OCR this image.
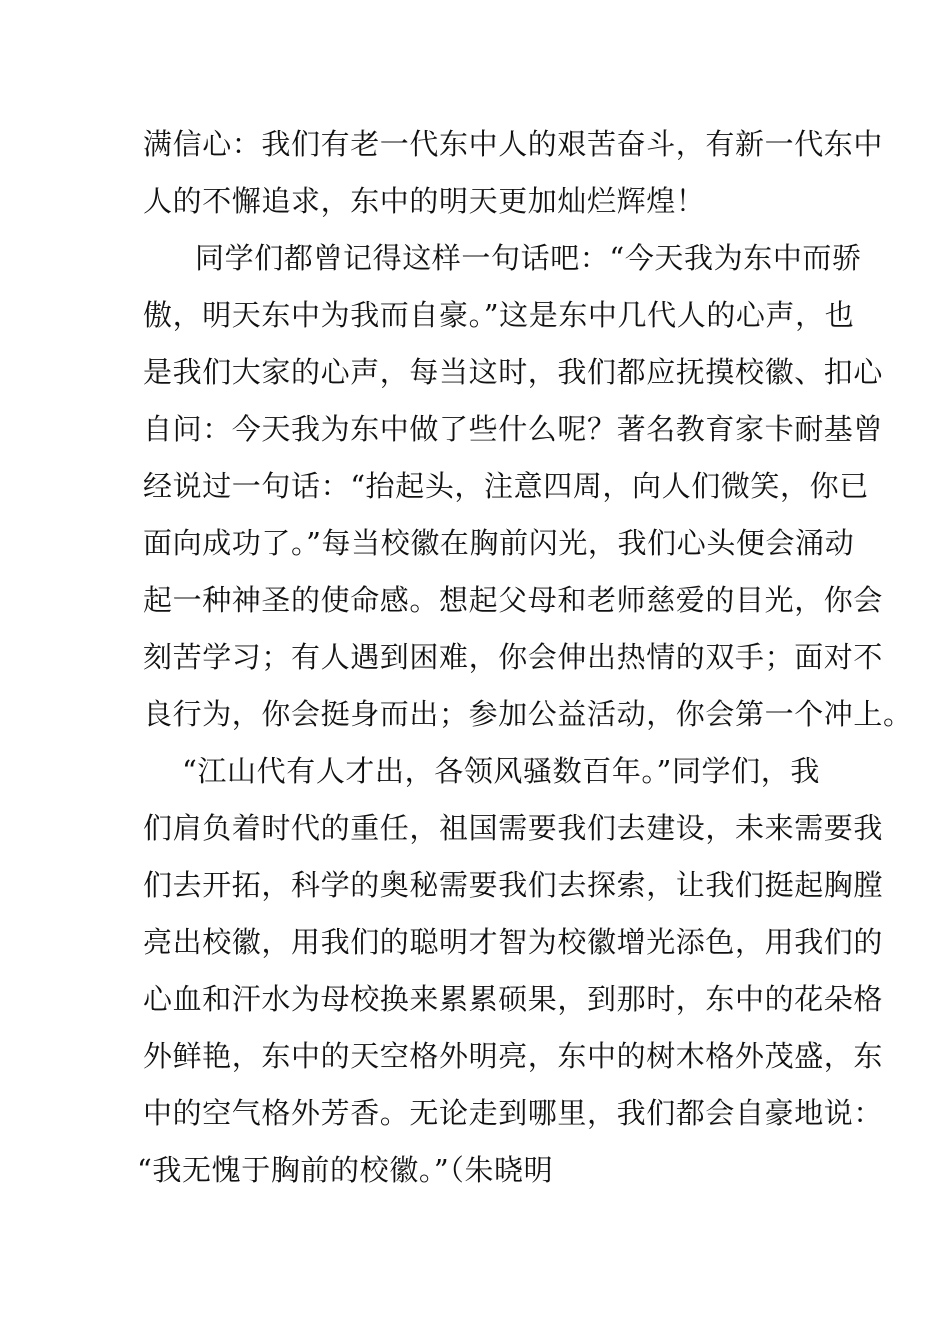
满信心：我们有老一代东中人的艰苦奋斗，有新一代东中
人的不懈追求，东中的明天更加灿烂辉煌！
同学们都曾记得这样一句话吧：“今天我为东中而骄
傲，明天东中为我而自豪。”这是东中几代人的心声，也
是我们大家的心声，每当这时，我们都应抚摸校徽、扣心
自问：今天我为东中做了些什么呢？著名教育家卡耐基曾
经说过一句话：“抬起头，注意四周，向人们微笑，你已
面向成功了。”每当校徽在胸前闪光，我们心头便会涌动
起一种神圣的使命感。想起父母和老师慈爱的目光，你会
刻苦学习；有人遇到困难，你会伸出热情的双手；面对不
良行为，你会挺身而出；参加公益活动，你会第一个冲上。
“江山代有人才出，各领风骚数百年。”同学们，我
们肩负着时代的重任，祖国需要我们去建设，未来需要我
们去开拓，科学的奥秘需要我们去探索，让我们挺起胸膛
亮出校徽，用我们的聪明才智为校徽增光添色，用我们的
心血和汗水为母校换来累累硕果，到那时，东中的花朵格
外鲜艳，东中的天空格外明亮，东中的树木格外茂盛，东
中的空气格外芳香。无论走到哪里，我们都会自豪地说：
“我无愧于胸前的校徽。”（朱晓明
